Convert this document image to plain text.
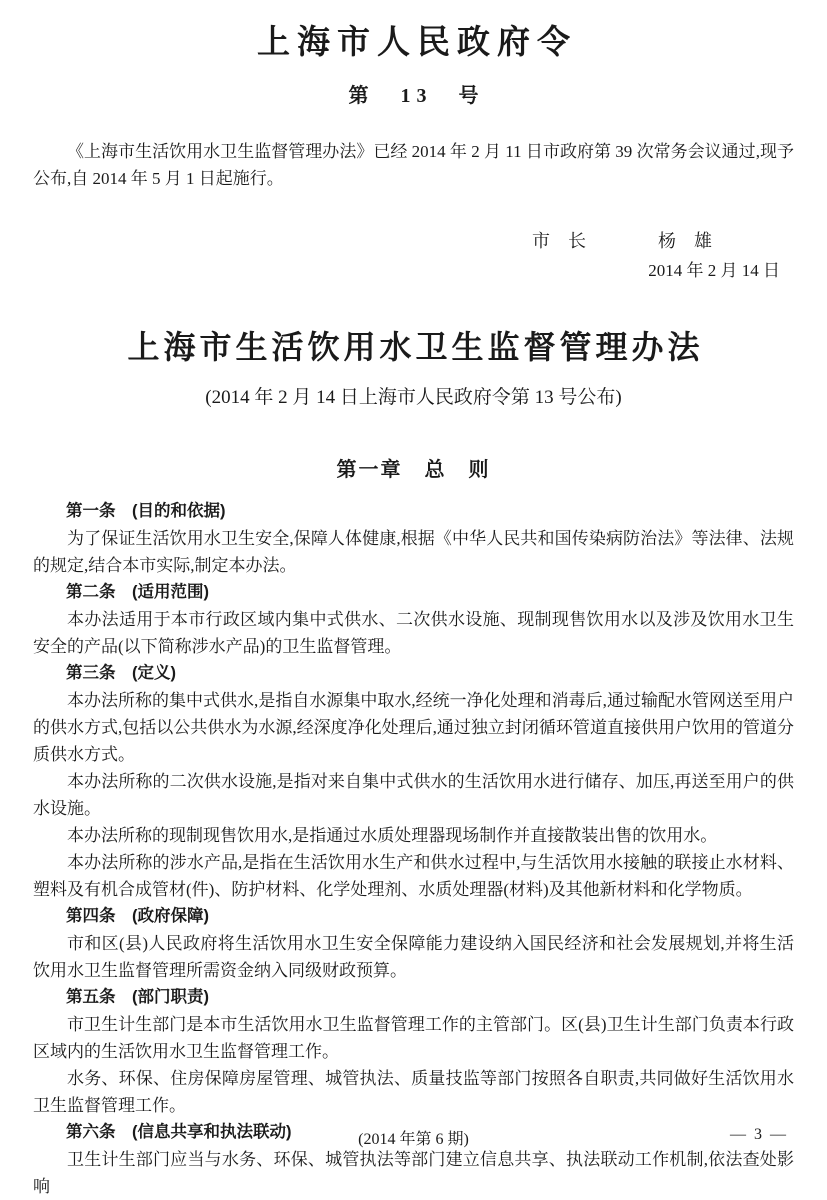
上海市人民政府令
第　13　号

《上海市生活饮用水卫生监督管理办法》已经 2014 年 2 月 11 日市政府第 39 次常务会议通过,现予公布,自 2014 年 5 月 1 日起施行。

市　长　　　　杨　雄

2014 年 2 月 14 日

上海市生活饮用水卫生监督管理办法

(2014 年 2 月 14 日上海市人民政府令第 13 号公布)

第一章　总　则

第一条　(目的和依据)

为了保证生活饮用水卫生安全,保障人体健康,根据《中华人民共和国传染病防治法》等法律、法规的规定,结合本市实际,制定本办法。

第二条　(适用范围)

本办法适用于本市行政区域内集中式供水、二次供水设施、现制现售饮用水以及涉及饮用水卫生安全的产品(以下简称涉水产品)的卫生监督管理。

第三条　(定义)

本办法所称的集中式供水,是指自水源集中取水,经统一净化处理和消毒后,通过输配水管网送至用户的供水方式,包括以公共供水为水源,经深度净化处理后,通过独立封闭循环管道直接供用户饮用的管道分质供水方式。

本办法所称的二次供水设施,是指对来自集中式供水的生活饮用水进行储存、加压,再送至用户的供水设施。

本办法所称的现制现售饮用水,是指通过水质处理器现场制作并直接散装出售的饮用水。

本办法所称的涉水产品,是指在生活饮用水生产和供水过程中,与生活饮用水接触的联接止水材料、塑料及有机合成管材(件)、防护材料、化学处理剂、水质处理器(材料)及其他新材料和化学物质。

第四条　(政府保障)

市和区(县)人民政府将生活饮用水卫生安全保障能力建设纳入国民经济和社会发展规划,并将生活饮用水卫生监督管理所需资金纳入同级财政预算。

第五条　(部门职责)

市卫生计生部门是本市生活饮用水卫生监督管理工作的主管部门。区(县)卫生计生部门负责本行政区域内的生活饮用水卫生监督管理工作。

水务、环保、住房保障房屋管理、城管执法、质量技监等部门按照各自职责,共同做好生活饮用水卫生监督管理工作。

第六条　(信息共享和执法联动)

卫生计生部门应当与水务、环保、城管执法等部门建立信息共享、执法联动工作机制,依法查处影响

(2014 年第 6 期)	— 3 —
